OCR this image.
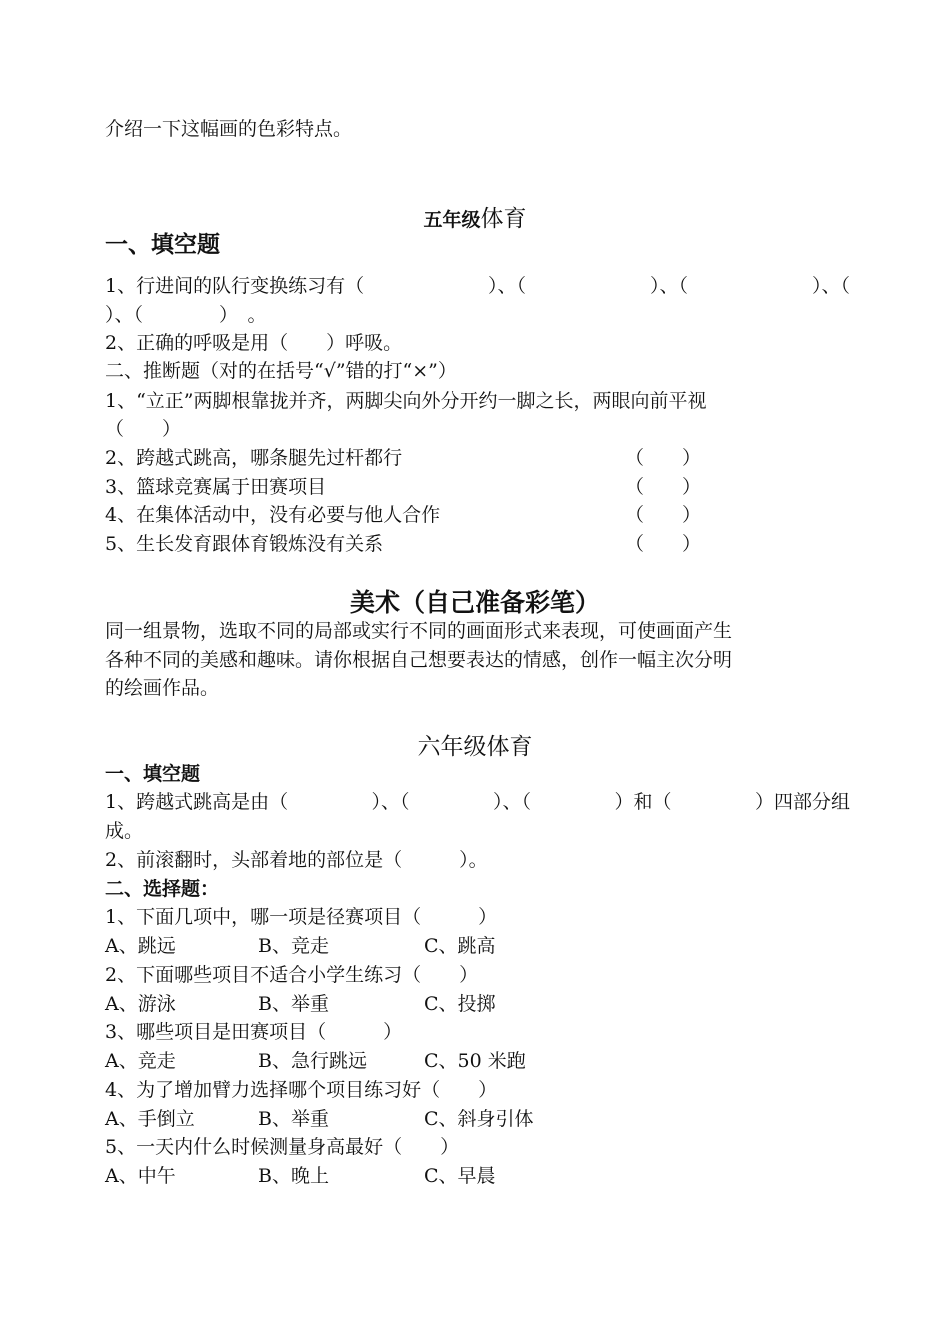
介绍一下这幅画的色彩特点。
五年级体育
一、填空题
1、行进间的队行变换练习有（	）、（	）、（	）、（
）、（　　　　）　。
2、正确的呼吸是用（　　）呼吸。
二、推断题（对的在括号“√”错的打“×”）
1、“立正”两脚根靠拢并齐，两脚尖向外分开约一脚之长，两眼向前平视
（　　）
2、跨越式跳高，哪条腿先过杆都行	（　　）
3、篮球竞赛属于田赛项目	（　　）
4、在集体活动中，没有必要与他人合作	（　　）
5、生长发育跟体育锻炼没有关系	（　　）
美术（自己准备彩笔）
同一组景物，选取不同的局部或实行不同的画面形式来表现，可使画面产生
各种不同的美感和趣味。请你根据自己想要表达的情感，创作一幅主次分明
的绘画作品。
六年级体育
一、填空题
1、跨越式跳高是由（	）、（	）、（	）和（	）四部分组
成。
2、前滚翻时，头部着地的部位是（　　　）。
二、选择题：
1、下面几项中，哪一项是径赛项目（　　　）
A、跳远	B、竞走	C、跳高
2、下面哪些项目不适合小学生练习（　　）
A、游泳	B、举重	C、投掷
3、哪些项目是田赛项目（　　　）
A、竞走	B、急行跳远	C、50 米跑
4、为了增加臂力选择哪个项目练习好（　　）
A、手倒立	B、举重	C、斜身引体
5、一天内什么时候测量身高最好（　　）
A、中午	B、晚上	C、早晨
